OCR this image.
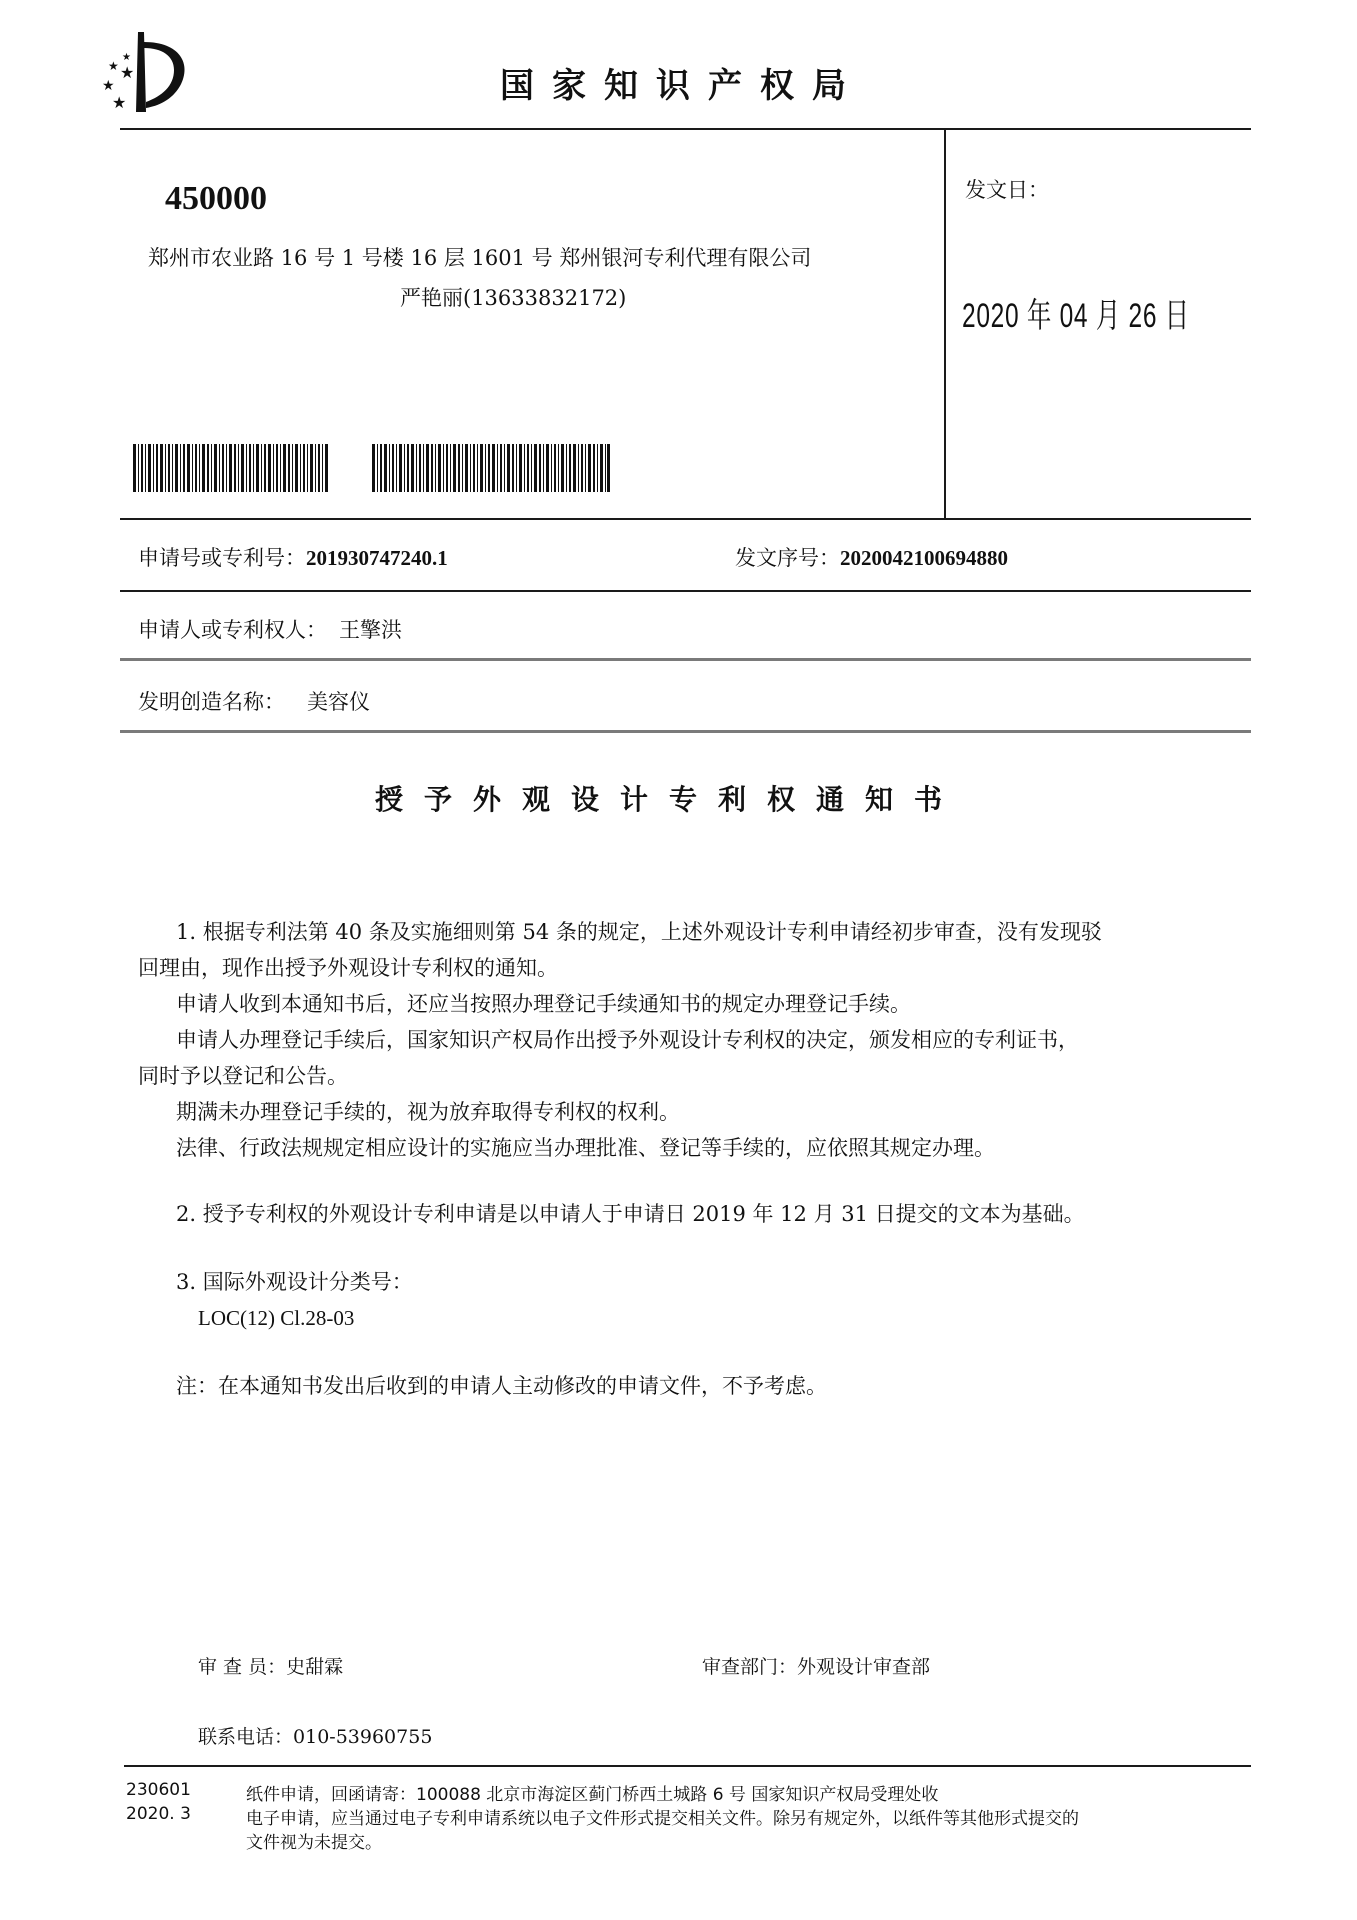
★
★ ★
★
★	国家知识产权局
450000
郑州市农业路 16 号 1 号楼 16 层 1601 号 郑州银河专利代理有限公司
严艳丽(13633832172)
发文日：
2020 年 04 月 26 日
申请号或专利号：201930747240.1	发文序号：2020042100694880
申请人或专利权人： 王擎洪
发明创造名称： 美容仪
授予外观设计专利权通知书
1. 根据专利法第 40 条及实施细则第 54 条的规定，上述外观设计专利申请经初步审查，没有发现驳
回理由，现作出授予外观设计专利权的通知。
申请人收到本通知书后，还应当按照办理登记手续通知书的规定办理登记手续。
申请人办理登记手续后，国家知识产权局作出授予外观设计专利权的决定，颁发相应的专利证书，
同时予以登记和公告。
期满未办理登记手续的，视为放弃取得专利权的权利。
法律、行政法规规定相应设计的实施应当办理批准、登记等手续的，应依照其规定办理。
2. 授予专利权的外观设计专利申请是以申请人于申请日 2019 年 12 月 31 日提交的文本为基础。
3. 国际外观设计分类号：
LOC(12) Cl.28-03
注：在本通知书发出后收到的申请人主动修改的申请文件，不予考虑。
审 查 员：史甜霖	审查部门：外观设计审查部
联系电话：010-53960755
230601
2020. 3
纸件申请，回函请寄：100088 北京市海淀区蓟门桥西土城路 6 号 国家知识产权局受理处收
电子申请，应当通过电子专利申请系统以电子文件形式提交相关文件。除另有规定外，以纸件等其他形式提交的
文件视为未提交。
